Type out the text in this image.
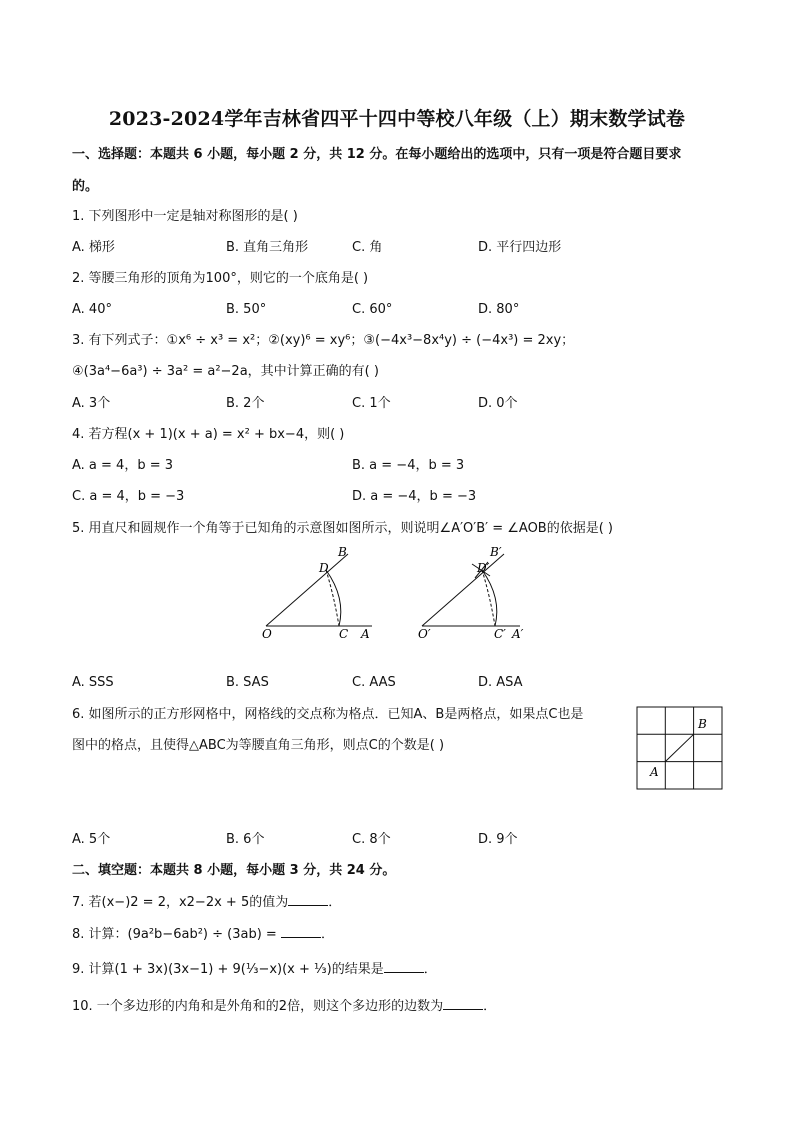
2023-2024学年吉林省四平十四中等校八年级（上）期末数学试卷
一、选择题：本题共 6 小题，每小题 2 分，共 12 分。在每小题给出的选项中，只有一项是符合题目要求
的。
1. 下列图形中一定是轴对称图形的是( )
A. 梯形	B. 直角三角形	C. 角	D. 平行四边形
2. 等腰三角形的顶角为100°，则它的一个底角是( )
A. 40°	B. 50°	C. 60°	D. 80°
3. 有下列式子：①x⁶ ÷ x³ = x²；②(xy)⁶ = xy⁶；③(−4x³−8x⁴y) ÷ (−4x³) = 2xy；
④(3a⁴−6a³) ÷ 3a² = a²−2a，其中计算正确的有( )
A. 3个	B. 2个	C. 1个	D. 0个
4. 若方程(x + 1)(x + a) = x² + bx−4，则( )
A. a = 4，b = 3	B. a = −4，b = 3
C. a = 4，b = −3	D. a = −4，b = −3
5. 用直尺和圆规作一个角等于已知角的示意图如图所示，则说明∠A′O′B′ = ∠AOB的依据是( )
B
D
O	C A
B′
D′
O′	C′ A′
A. SSS	B. SAS	C. AAS	D. ASA
6. 如图所示的正方形网格中，网格线的交点称为格点．已知A、B是两格点，如果点C也是
图中的格点，且使得△ABC为等腰直角三角形，则点C的个数是( )
B
A
A. 5个	B. 6个	C. 8个	D. 9个
二、填空题：本题共 8 小题，每小题 3 分，共 24 分。
7. 若(x−)2 = 2，x2−2x + 5的值为	．
8. 计算：(9a²b−6ab²) ÷ (3ab) =	．
9. 计算(1 + 3x)(3x−1) + 9(⅓−x)(x + ⅓)的结果是	．
10. 一个多边形的内角和是外角和的2倍，则这个多边形的边数为	．
